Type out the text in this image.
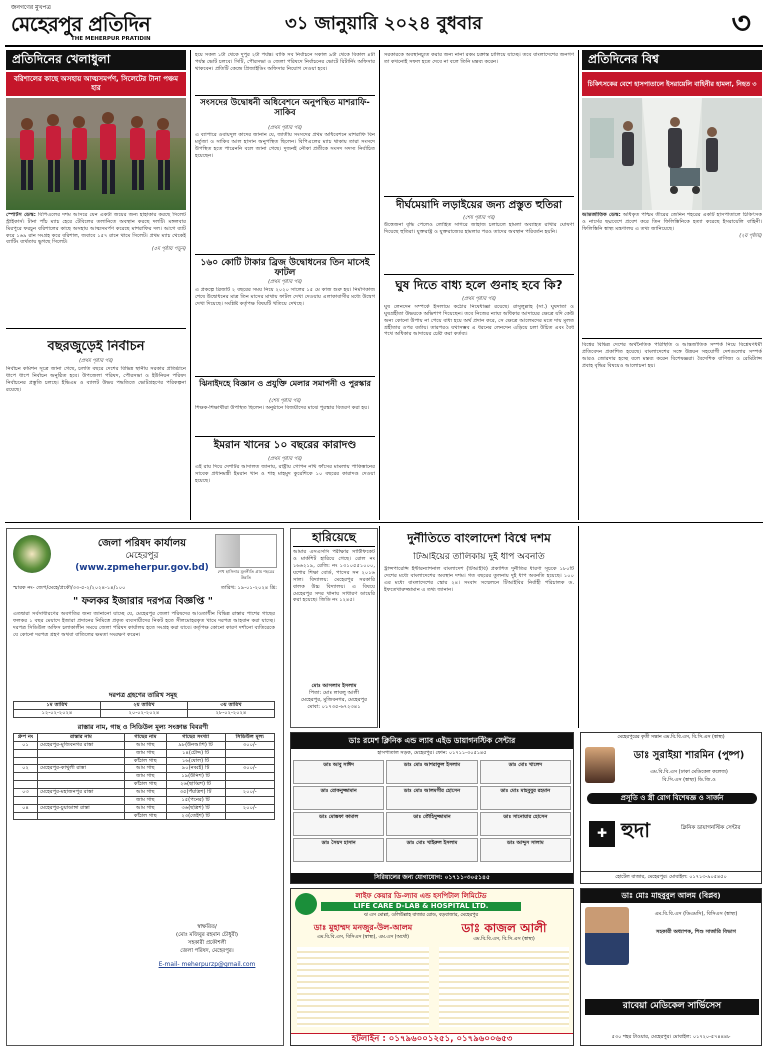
জনগণের মুখপত্র
মেহেরপুর প্রতিদিন
THE MEHERPUR PRATIDIN
৩১ জানুয়ারি ২০২৪ বুধবার	৩
প্রতিদিনের খেলাধুলা
বরিশালের কাছে অসহায় আত্মসমর্পণ, সিলেটের টানা পঞ্চম হার
স্পোর্টস ডেস্ক: বিপিএলের দশম আসরে যেন একটা জয়ের জন্য হাহাকার করছে সিলেট স্ট্রাইকার্স। টানা পাঁচ ম্যাচ হেরে টেবিলের তলানিতে অবস্থান করছে দলটি। মঙ্গলবার মিরপুরে ফরচুন বরিশালের কাছে অসহায় আত্মসমর্পণ করেছে মাশরাফির দল। আগে ব্যাট করে ১৬৯ রান সংগ্রহ করে বরিশাল, জবাবে ১৫৭ রানে থামে সিলেট। প্রথম ম্যাচ থেকেই ব্যাটিং ব্যর্থতায় ভুগছে সিলেট।
(৫ম পৃষ্ঠায় পড়ুন)
বছরজুড়েই নির্বাচন
(প্রথম পৃষ্ঠার পর)
নির্বাচন কমিশন সূত্রে জানা গেছে, চলতি বছরে দেশের বিভিন্ন স্থানীয় সরকার প্রতিষ্ঠানে ধাপে ধাপে নির্বাচন অনুষ্ঠিত হবে। উপজেলা পরিষদ, পৌরসভা ও ইউনিয়ন পরিষদ নির্বাচনের প্রস্তুতি চলছে। ইভিএম ও ব্যালট উভয় পদ্ধতিতে ভোটগ্রহণের পরিকল্পনা রয়েছে।
হয়ে সকল ১টা থেকে দুপুর ২টা পর্যন্ত। বাকি সব নির্বাচনে সকাল ৯টা থেকে বিকাল ৪টা পর্যন্ত ভোট চলবে। সিটি, পৌরসভা ও জেলা পরিষদে নির্বাচনের ভোটে রিটার্নিং অফিসার থাকবেন। প্রতিটি কেন্দ্রে প্রিজাইডিং অফিসার নিয়োগ দেওয়া হবে।
সংসদের উদ্বোধনী অধিবেশনে অনুপস্থিত মাশরাফি-সাকিব
(প্রথম পৃষ্ঠার পর)
এ ব্যাপারে ওবায়দুল কাদের জানান যে, জাতীয় সংসদের প্রথম অধিবেশনে মাশরাফি বিন মর্তুজা ও সাকিব আল হাসান অনুপস্থিত ছিলেন। বিপিএলের ম্যাচ থাকায় তারা সংসদে উপস্থিত হতে পারেননি বলে জানা গেছে। দুজনই নৌকা প্রতীকে সংসদ সদস্য নির্বাচিত হয়েছেন।
১৬০ কোটি টাকার ব্রিজ উদ্বোধনের তিন মাসেই ফাটল
(প্রথম পৃষ্ঠার পর)
এ প্রকল্পে ব্রিজটি ২ বছরের সময় নিয়ে ২০২০ সালের ১৫ মে কাজ শুরু হয়। নির্মাণকাজ শেষে উদ্বোধনের মাত্র তিন মাসের মাথায় ফাটল দেখা দেওয়ায় এলাকাবাসীর মধ্যে উদ্বেগ দেখা দিয়েছে। সংশ্লিষ্ট কর্তৃপক্ষ বিষয়টি খতিয়ে দেখছে।
ঝিনাইদহে বিজ্ঞান ও প্রযুক্তি মেলার সমাপনী ও পুরস্কার
(শেষ পৃষ্ঠার পর)
শিক্ষক-শিক্ষার্থীরা উপস্থিত ছিলেন। অনুষ্ঠানে বিজয়ীদের মাঝে পুরস্কার বিতরণ করা হয়।
ইমরান খানের ১০ বছরের কারাদণ্ড
(প্রথম পৃষ্ঠার পর)
এই রায় দিয়ে দেশটির আদালত জানায়, রাষ্ট্রীয় গোপন নথি ফাঁসের মামলায় পাকিস্তানের সাবেক প্রধানমন্ত্রী ইমরান খান ও শাহ মাহমুদ কুরেশিকে ১০ বছরের কারাদণ্ড দেওয়া হয়েছে।
সরকারকে অবস্থানচ্যুত করার জন্য নানা রকম চক্রান্ত চালিয়ে যাচ্ছে। তবে বাংলাদেশের জনগণ তা কখনোই সফল হতে দেবে না বলে তিনি মন্তব্য করেন।
দীর্ঘমেয়াদি লড়াইয়ের জন্য প্রস্তুত হুতিরা
(শেষ পৃষ্ঠার পর)
উত্তেজনা বৃদ্ধি পেলেও লোহিত সাগরে জাহাজ চলাচলে হামলা অব্যাহত রাখার ঘোষণা দিয়েছে হুতিরা। যুক্তরাষ্ট্র ও যুক্তরাজ্যের হামলার পরও তাদের অবস্থান পরিবর্তন হয়নি।
ঘুষ দিতে বাধ্য হলে গুনাহ হবে কি?
(প্রথম পৃষ্ঠার পর)
ঘুষ লেনদেন সম্পর্কে ইসলামে কঠোর নিষেধাজ্ঞা রয়েছে। রাসুলুল্লাহ (সা.) ঘুষদাতা ও ঘুষগ্রহীতা উভয়কে অভিশাপ দিয়েছেন। তবে নিজের ন্যায্য অধিকার আদায়ের ক্ষেত্রে যদি কেউ অন্য কোনো উপায় না পেয়ে বাধ্য হয়ে অর্থ প্রদান করে, সে ক্ষেত্রে আলেমদের মতে দায় মূলত গ্রহীতার ওপর বর্তায়। তারপরও যথাসম্ভব এ ধরনের লেনদেন এড়িয়ে চলা উচিত এবং বৈধ পথে অধিকার আদায়ের চেষ্টা করা কর্তব্য।
প্রতিদিনের বিশ্ব
চিকিৎসকের বেশে হাসপাতালে ইসরায়েলি বাহিনীর হামলা, নিহত ৩
আন্তর্জাতিক ডেস্ক: অধিকৃত পশ্চিম তীরের জেনিন শহরের একটি হাসপাতালে চিকিৎসক ও নার্সের ছদ্মবেশে প্রবেশ করে তিন ফিলিস্তিনিকে হত্যা করেছে ইসরায়েলি বাহিনী। ফিলিস্তিনি স্বাস্থ্য মন্ত্রণালয় এ তথ্য জানিয়েছে।
(২য় পৃষ্ঠায়)
বিশ্বের বিভিন্ন দেশের অর্থনৈতিক পরিস্থিতি ও আন্তর্জাতিক সম্পর্ক নিয়ে বিশ্লেষণধর্মী প্রতিবেদন প্রকাশিত হয়েছে। বাংলাদেশের সঙ্গে উন্নয়ন সহযোগী দেশগুলোর সম্পর্ক আরও জোরদার হচ্ছে বলে মন্তব্য করেন বিশেষজ্ঞরা। বৈদেশিক বাণিজ্য ও রেমিট্যান্স প্রবাহ বৃদ্ধির বিষয়েও আলোচনা হয়।
জেলা পরিষদ কার্যালয়
মেহেরপুর
(www.zpmeherpur.gov.bd)	শেখ হাসিনার মূলনীতি গ্রাম শহরের উন্নতি
স্মারক নং- জেপ/মেহে/প্রকৌ/৩৩-৫-২/২০২৪-১৪/১০০	তারিখ: ১৯-০১-২০২৪ খ্রি:
" ফলকর ইজারার দরপত্র বিজ্ঞপ্তি "
এতদ্বারা সর্বসাধারণের অবগতির জন্য জানানো যাচ্ছে যে, মেহেরপুর জেলা পরিষদের আওতাধীন বিভিন্ন রাস্তার পাশের গাছের ফলকর ১ বছর মেয়াদে ইজারা প্রদানের নিমিত্তে প্রকৃত ব্যবসায়ীদের নিকট হতে সীলমোহরকৃত খামে দরপত্র আহবান করা যাচ্ছে। দরপত্র সিডিউল অফিস চলাকালীন সময়ে জেলা পরিষদ কার্যালয় হতে সংগ্রহ করা যাবে। কর্তৃপক্ষ কোনো কারণ দর্শানো ব্যতিরেকে যে কোনো দরপত্র গ্রহণ অথবা বাতিলের ক্ষমতা সংরক্ষণ করেন।
দরপত্র গ্রহণের তারিখ সমূহ
১ম তারিখ	২য় তারিখ	৩য় তারিখ
১২-০২-২০২৪	২০-০২-২০২৪	২৮-০২-২০২৪
রাস্তার নাম, গাছ ও সিডিউল মূল্য সংক্রান্ত বিবরণী
গ্রুপ নং	রাস্তার নাম	গাছের নাম	গাছের সংখ্যা	সিডিউল মূল্য
০১	মেহেরপুর-মুজিবনগর রাস্তা	আম গাছ	৯৮(উনআশি) টি	৩০০/-
		জাম গাছ	১৪(চৌদ্দ) টি	
		কাঁঠাল গাছ	১৬(ষোল) টি	
০২	মেহেরপুর-কাথুলী রাস্তা	আম গাছ	৯০(নব্বই) টি	৩০০/-
		জাম গাছ	১৯(উনিশ) টি	
		কাঁঠাল গাছ	২৬(ছাব্বিশ) টি	
০৩	মেহেরপুর-মহাজনপুর রাস্তা	আম গাছ	৩৫(পঁয়ত্রিশ) টি	২০০/-
		জাম গাছ	১৫(পনের) টি	
০৪	মেহেরপুর-চুয়াডাঙ্গা রাস্তা	আম গাছ	৩৬(ছত্রিশ) টি	২০০/-
		কাঁঠাল গাছ	২৩(তেইশ) টি	
স্বাক্ষরিত/
(মোঃ মজিবুর রহমান চৌধুরী)
সহকারী প্রকৌশলী
জেলা পরিষদ, মেহেরপুর।
E-mail- meherpurzp@gmail.com
হারিয়েছে
আমার এসএসসি পরীক্ষার সার্টিফিকেট ও মার্কশিট হারিয়ে গেছে। রোল নং ১৬৬২১৯, রেজি: নং ১৩১০৫৫১০০০, যশোর শিক্ষা বোর্ড, পাসের সন ২০১৬ সাল। বিদ্যালয়: মেহেরপুর সরকারি বালক উচ্চ বিদ্যালয়। এ বিষয়ে মেহেরপুর সদর থানায় সাধারণ ডায়েরি করা হয়েছে। জিডি নং ১২৪৫।
মোঃ আসলাম ইসলাম
পিতা: মোঃ লাবলু আলী
মেহেরপুর, মুজিবনগর, মেহেরপুর
মোবা: ০১৭৩৫-৬৭২৩৪১
দুর্নীতিতে বাংলাদেশ বিশ্বে দশম
টিআইয়ের তালিকায় দুই ধাপ অবনতি
ট্রান্সপারেন্সি ইন্টারন্যাশনাল বাংলাদেশ (টিআইবি) প্রকাশিত দুর্নীতির ধারণা সূচকে ১৮০টি দেশের মধ্যে বাংলাদেশের অবস্থান দশম। গত বছরের তুলনায় দুই ধাপ অবনতি হয়েছে। ১০০ এর মধ্যে বাংলাদেশের স্কোর ২৪। সংবাদ সম্মেলনে টিআইবির নির্বাহী পরিচালক ড. ইফতেখারুজ্জামান এ তথ্য জানান।
ডাঃ রমেশ ক্লিনিক এন্ড ল্যাব এইড ডায়াগনস্টিক সেন্টার
হাসপাতাল সড়ক, মেহেরপুর। ফোন: ০১৭১১-৩০৫১৪৫
ডাঃ আবু সাঈদ	ডাঃ মোঃ আশরাফুল ইসলাম	ডাঃ মোঃ খালেদ
ডাঃ রোকনুজ্জামান	ডাঃ মোঃ আলমগীর হোসেন	ডাঃ মোঃ মাহবুবুর রহমান
ডাঃ মোস্তফা কামাল	ডাঃ তৌহিদুজ্জামান	ডাঃ সানোয়ার হোসেন
ডাঃ সৈয়দ হাসান	ডাঃ মোঃ খাইরুল ইসলাম	ডাঃ আব্দুস সালাম
সিরিয়ালের জন্য যোগাযোগ: ০১৭১১-৩০৫১৪৫
লাইফ কেয়ার ডি-ল্যাব এন্ড হসপিটাল লিমিটেড
LIFE CARE D-LAB & HOSPITAL LTD.
ঝ এস মোল্লা, ওলিউল্লাহ বাজার রোড, বড়বাজার, মেহেরপুর
ডাঃ মুহাম্মদ মনজুর-উল-আলম
এম.বি.বি.এস, বিসিএস (স্বাস্থ্য), এম.এস (অর্থো)
ডাঃ কাজল আলী
এম.বি.বি.এস, বি.সি.এস (স্বাস্থ্য)
হটলাইন : ০১৭৯৬০০১২৫১, ০১৭৯৬০০৬৫৩
মেহেরপুরের কৃতী সন্তান এম.বি.বি.এস, বি.সি.এস (স্বাস্থ্য)
ডাঃ সুরাইয়া শারমিন (পুষ্প)
এম.বি.বি.এস (ঢাকা মেডিকেল কলেজ)
বি.সি.এস (স্বাস্থ্য) ডি.জি.ও
প্রসূতি ও স্ত্রী রোগ বিশেষজ্ঞ ও সার্জন
✚ হুদা	ক্লিনিক ডায়াগনস্টিক সেন্টার
হোটেল বাজার, মেহেরপুর। মোবাইল: ০১৭১৩-৯০৫৪৫০
ডাঃ মোঃ মাহবুবুল আলম (বিপ্লব)
এম.বি.বি.এস (ডিএমসি), বিসিএস (স্বাস্থ্য)
সহকারী অধ্যাপক, শিশু সার্জারি বিভাগ
রাবেয়া মেডিকেল সার্ভিসেস
৫৩০ শহর টাওয়ার, মেহেরপুর। মোবাইল: ০১৭২০-৫৭৪৪৪৮
